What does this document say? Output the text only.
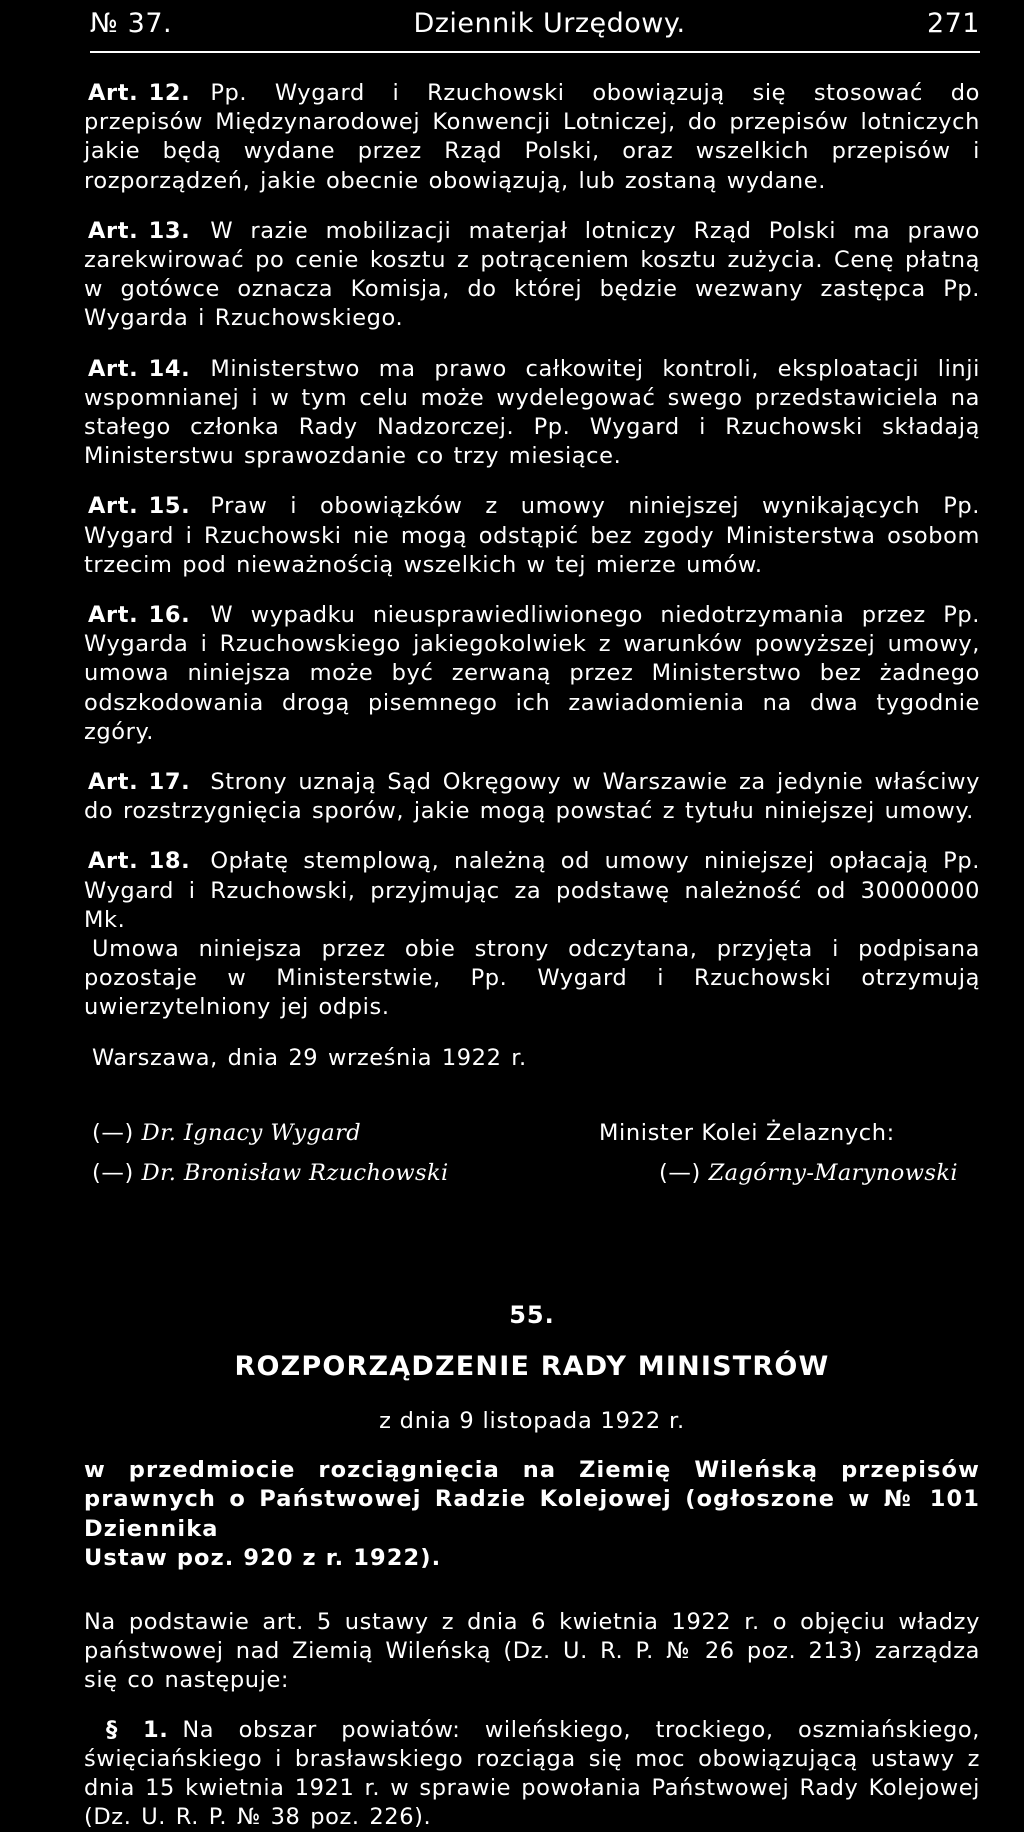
№ 37.	Dziennik Urzędowy.	271

Art. 12. Pp. Wygard i Rzuchowski obowiązują się stosować do przepisów Międzynarodowej Konwencji Lotniczej, do przepisów lotniczych jakie będą wydane przez Rząd Polski, oraz wszelkich przepisów i rozporządzeń, jakie obecnie obowiązują, lub zostaną wydane.

Art. 13. W razie mobilizacji materjał lotniczy Rząd Polski ma prawo zarekwirować po cenie kosztu z potrąceniem kosztu zużycia. Cenę płatną w gotówce oznacza Komisja, do której będzie wezwany zastępca Pp. Wygarda i Rzuchowskiego.

Art. 14. Ministerstwo ma prawo całkowitej kontroli, eksploatacji linji wspomnianej i w tym celu może wydelegować swego przedstawiciela na stałego członka Rady Nadzorczej. Pp. Wygard i Rzuchowski składają Ministerstwu sprawozdanie co trzy miesiące.

Art. 15. Praw i obowiązków z umowy niniejszej wynikających Pp. Wygard i Rzuchowski nie mogą odstąpić bez zgody Ministerstwa osobom trzecim pod nieważnością wszelkich w tej mierze umów.

Art. 16. W wypadku nieusprawiedliwionego niedotrzymania przez Pp. Wygarda i Rzuchowskiego jakiegokolwiek z warunków powyższej umowy, umowa niniejsza może być zerwaną przez Ministerstwo bez żadnego odszkodowania drogą pisemnego ich zawiadomienia na dwa tygodnie zgóry.

Art. 17. Strony uznają Sąd Okręgowy w Warszawie za jedynie właściwy do rozstrzygnięcia sporów, jakie mogą powstać z tytułu niniejszej umowy.

Art. 18. Opłatę stemplową, należną od umowy niniejszej opłacają Pp. Wygard i Rzuchowski, przyjmując za podstawę należność od 30000000 Mk.

Umowa niniejsza przez obie strony odczytana, przyjęta i podpisana pozostaje w Ministerstwie, Pp. Wygard i Rzuchowski otrzymują uwierzytelniony jej odpis.

Warszawa, dnia 29 września 1922 r.

(—) Dr. Ignacy Wygard
(—) Dr. Bronisław Rzuchowski
Minister Kolei Żelaznych:
(—) Zagórny-Marynowski
55.
ROZPORZĄDZENIE RADY MINISTRÓW
z dnia 9 listopada 1922 r.
w przedmiocie rozciągnięcia na Ziemię Wileńską przepisów prawnych o Państwowej Radzie Kolejowej (ogłoszone w № 101 Dziennika
Ustaw poz. 920 z r. 1922).

Na podstawie art. 5 ustawy z dnia 6 kwietnia 1922 r. o objęciu władzy państwowej nad Ziemią Wileńską (Dz. U. R. P. № 26 poz. 213) zarządza się co następuje:

§ 1. Na obszar powiatów: wileńskiego, trockiego, oszmiańskiego, święciańskiego i brasławskiego rozciąga się moc obowiązującą ustawy z dnia 15 kwietnia 1921 r. w sprawie powołania Państwowej Rady Kolejowej (Dz. U. R. P. № 38 poz. 226).
